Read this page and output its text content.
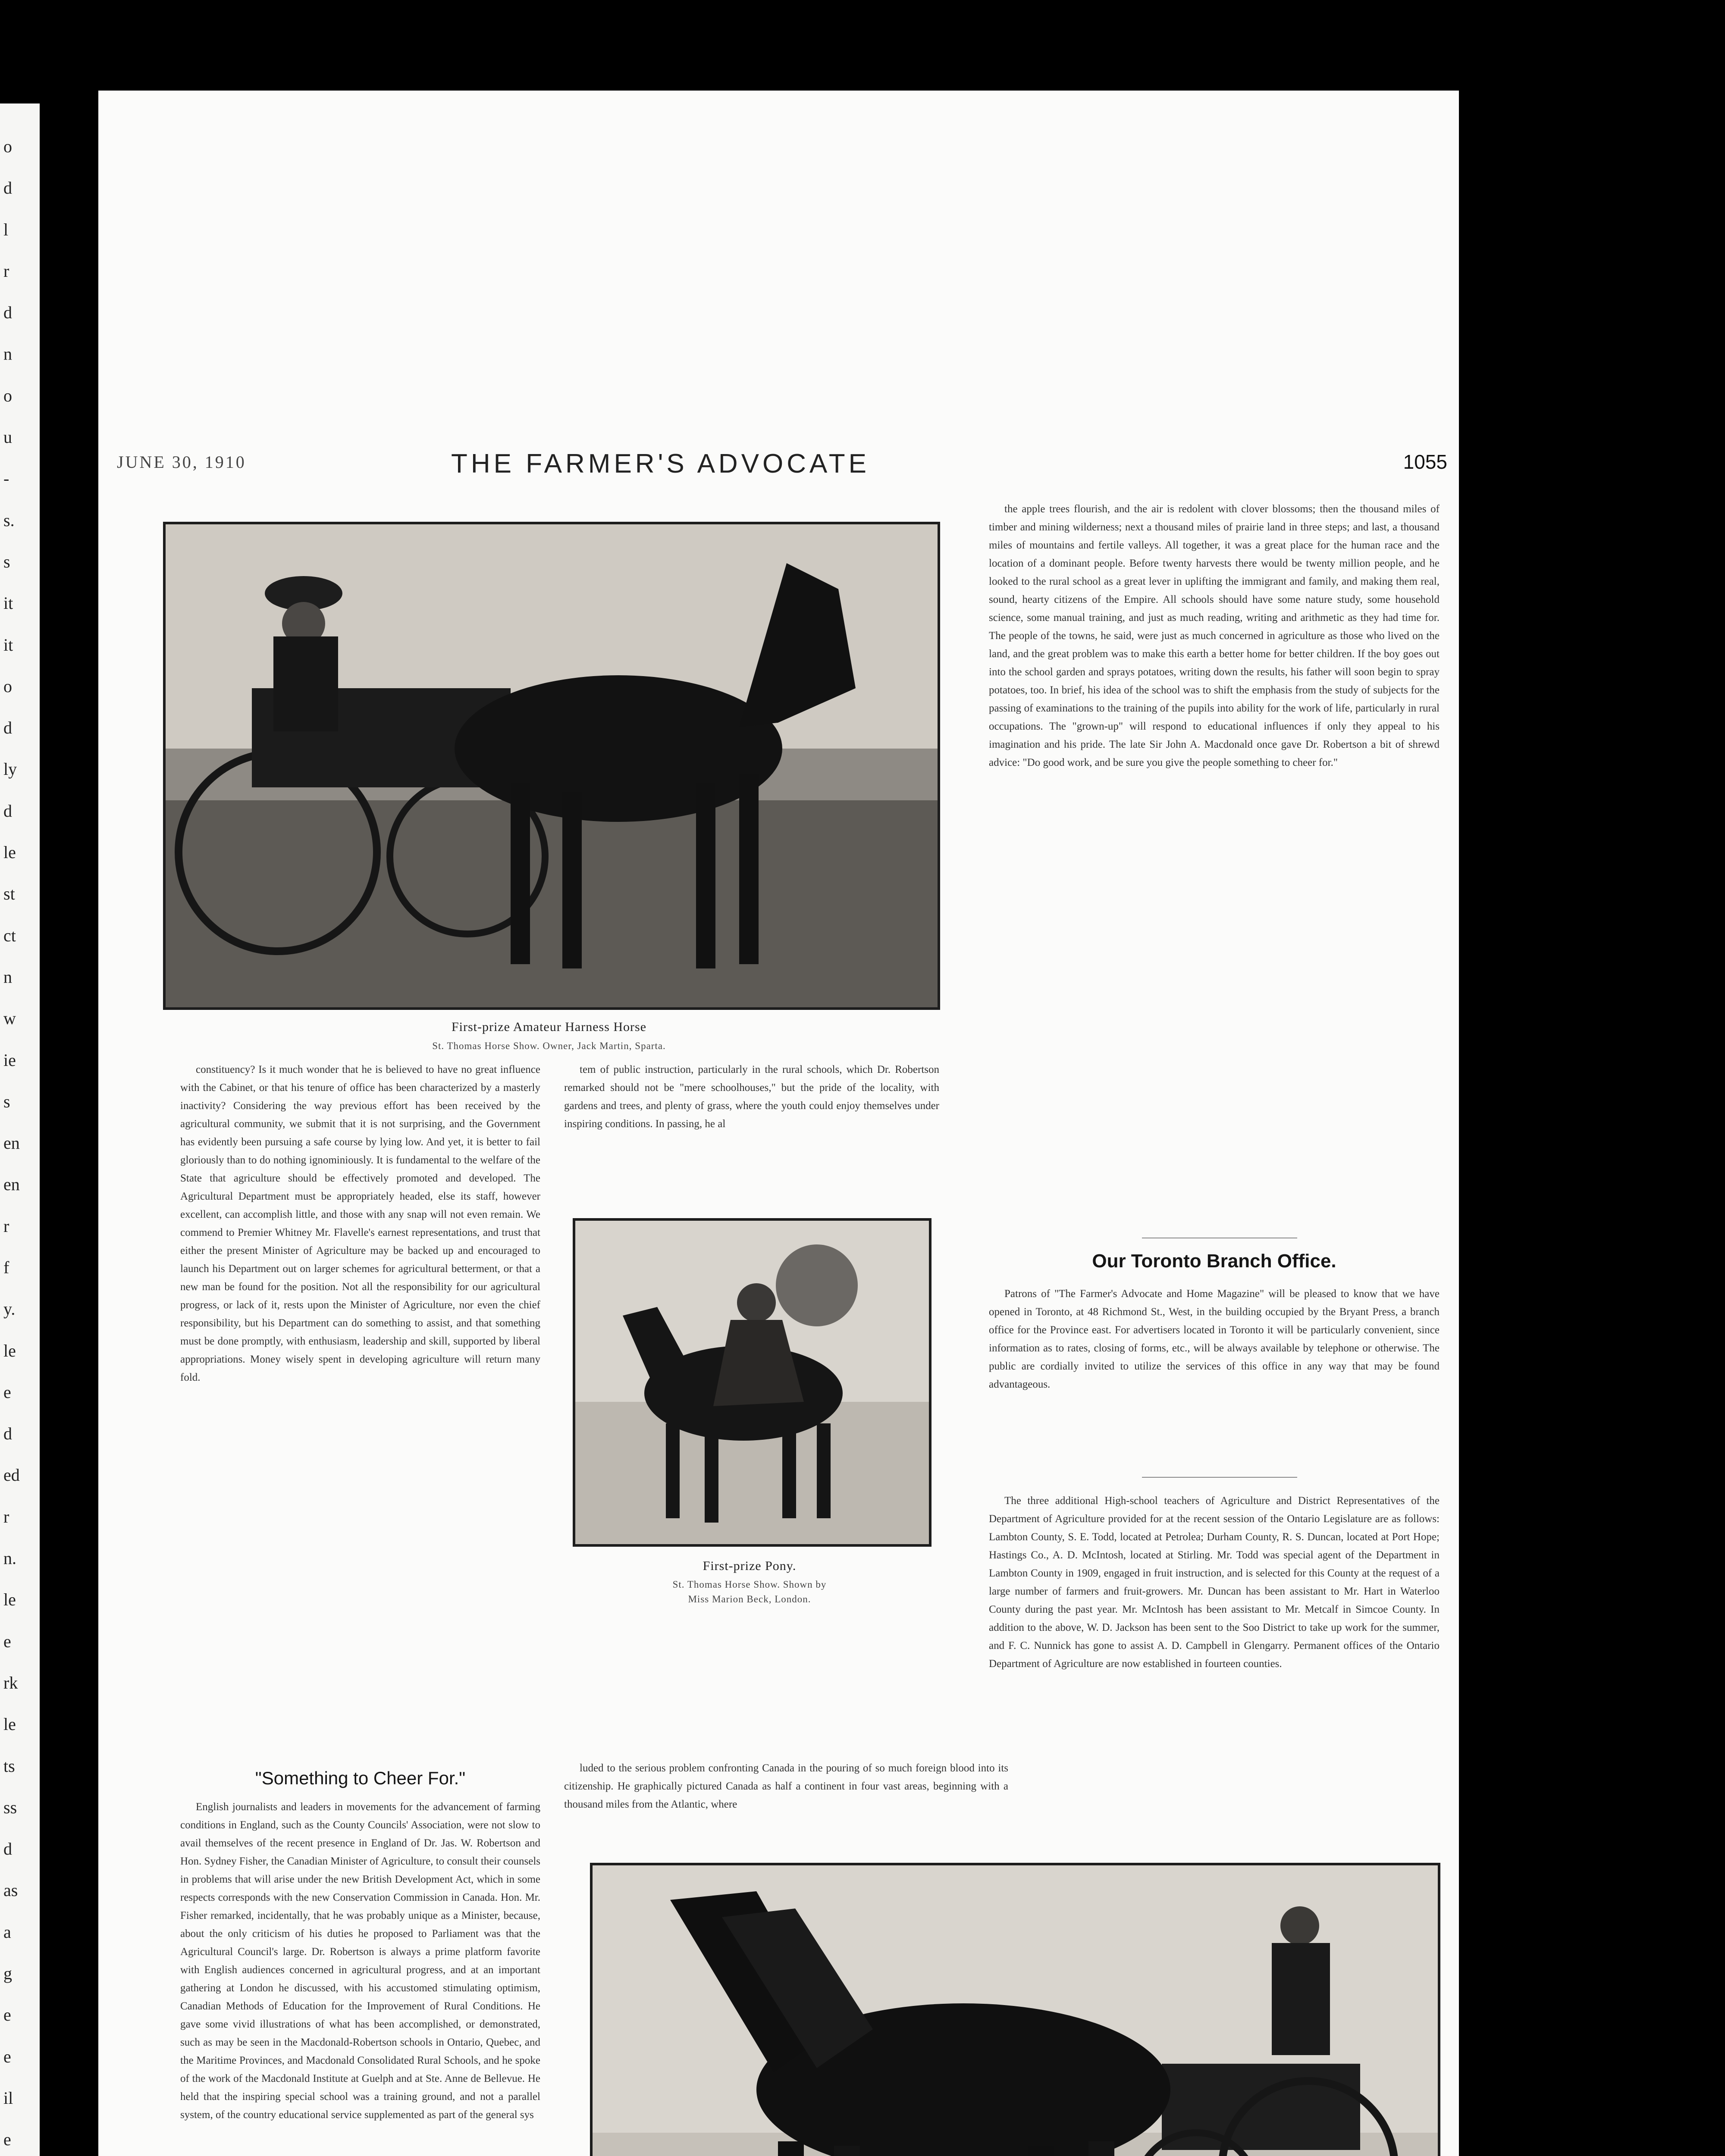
o
d
l
r
d
n
o
u
-
s.
s
it
it
o
d
ly
d
le
st
ct
n
w
ie
s
en
en
r
f
y.
le
e
d
ed
r
n.
le
e
rk
le
ts
ss
d
as
a
g
e
e
il
e
JUNE 30, 1910	THE FARMER'S ADVOCATE	1055
First-prize Amateur Harness Horse
St. Thomas Horse Show. Owner, Jack Martin, Sparta.

the apple trees flourish, and the air is redolent with clover blossoms; then the thousand miles of timber and mining wilderness; next a thousand miles of prairie land in three steps; and last, a thousand miles of mountains and fertile valleys. All together, it was a great place for the human race and the location of a dominant people. Before twenty harvests there would be twenty million people, and he looked to the rural school as a great lever in uplifting the immigrant and family, and making them real, sound, hearty citizens of the Empire. All schools should have some nature study, some household science, some manual training, and just as much reading, writing and arithmetic as they had time for. The people of the towns, he said, were just as much concerned in agriculture as those who lived on the land, and the great problem was to make this earth a better home for better children. If the boy goes out into the school garden and sprays potatoes, writing down the results, his father will soon begin to spray potatoes, too. In brief, his idea of the school was to shift the emphasis from the study of subjects for the passing of examinations to the training of the pupils into ability for the work of life, particularly in rural occupations. The "grown-up" will respond to educational influences if only they appeal to his imagination and his pride. The late Sir John A. Macdonald once gave Dr. Robertson a bit of shrewd advice: "Do good work, and be sure you give the people something to cheer for."

Our Toronto Branch Office.

Patrons of "The Farmer's Advocate and Home Magazine" will be pleased to know that we have opened in Toronto, at 48 Richmond St., West, in the building occupied by the Bryant Press, a branch office for the Province east. For advertisers located in Toronto it will be particularly convenient, since information as to rates, closing of forms, etc., will be always available by telephone or otherwise. The public are cordially invited to utilize the services of this office in any way that may be found advantageous.

The three additional High-school teachers of Agriculture and District Representatives of the Department of Agriculture provided for at the recent session of the Ontario Legislature are as follows: Lambton County, S. E. Todd, located at Petrolea; Durham County, R. S. Duncan, located at Port Hope; Hastings Co., A. D. McIntosh, located at Stirling. Mr. Todd was special agent of the Department in Lambton County in 1909, engaged in fruit instruction, and is selected for this County at the request of a large number of farmers and fruit-growers. Mr. Duncan has been assistant to Mr. Hart in Waterloo County during the past year. Mr. McIntosh has been assistant to Mr. Metcalf in Simcoe County. In addition to the above, W. D. Jackson has been sent to the Soo District to take up work for the summer, and F. C. Nunnick has gone to assist A. D. Campbell in Glengarry. Permanent offices of the Ontario Department of Agriculture are now established in fourteen counties.

constituency? Is it much wonder that he is believed to have no great influence with the Cabinet, or that his tenure of office has been characterized by a masterly inactivity? Considering the way previous effort has been received by the agricultural community, we submit that it is not surprising, and the Government has evidently been pursuing a safe course by lying low. And yet, it is better to fail gloriously than to do nothing ignominiously. It is fundamental to the welfare of the State that agriculture should be effectively promoted and developed. The Agricultural Department must be appropriately headed, else its staff, however excellent, can accomplish little, and those with any snap will not even remain. We commend to Premier Whitney Mr. Flavelle's earnest representations, and trust that either the present Minister of Agriculture may be backed up and encouraged to launch his Department out on larger schemes for agricultural betterment, or that a new man be found for the position. Not all the responsibility for our agricultural progress, or lack of it, rests upon the Minister of Agriculture, nor even the chief responsibility, but his Department can do something to assist, and that something must be done promptly, with enthusiasm, leadership and skill, supported by liberal appropriations. Money wisely spent in developing agriculture will return many fold.

tem of public instruction, particularly in the rural schools, which Dr. Robertson remarked should not be "mere schoolhouses," but the pride of the locality, with gardens and trees, and plenty of grass, where the youth could enjoy themselves under inspiring conditions. In passing, he al

First-prize Pony.
St. Thomas Horse Show. Shown by
Miss Marion Beck, London.
"Something to Cheer For."

English journalists and leaders in movements for the advancement of farming conditions in England, such as the County Councils' Association, were not slow to avail themselves of the recent presence in England of Dr. Jas. W. Robertson and Hon. Sydney Fisher, the Canadian Minister of Agriculture, to consult their counsels in problems that will arise under the new British Development Act, which in some respects corresponds with the new Conservation Commission in Canada. Hon. Mr. Fisher remarked, incidentally, that he was probably unique as a Minister, because, about the only criticism of his duties he proposed to Parliament was that the Agricultural Council's large. Dr. Robertson is always a prime platform favorite with English audiences concerned in agricultural progress, and at an important gathering at London he discussed, with his accustomed stimulating optimism, Canadian Methods of Education for the Improvement of Rural Conditions. He gave some vivid illustrations of what has been accomplished, or demonstrated, such as may be seen in the Macdonald-Robertson schools in Ontario, Quebec, and the Maritime Provinces, and Macdonald Consolidated Rural Schools, and he spoke of the work of the Macdonald Institute at Guelph and at Ste. Anne de Bellevue. He held that the inspiring special school was a training ground, and not a parallel system, of the country educational service supplemented as part of the general sys

luded to the serious problem confronting Canada in the pouring of so much foreign blood into its citizenship. He graphically pictured Canada as half a continent in four vast areas, beginning with a thousand miles from the Atlantic, where
